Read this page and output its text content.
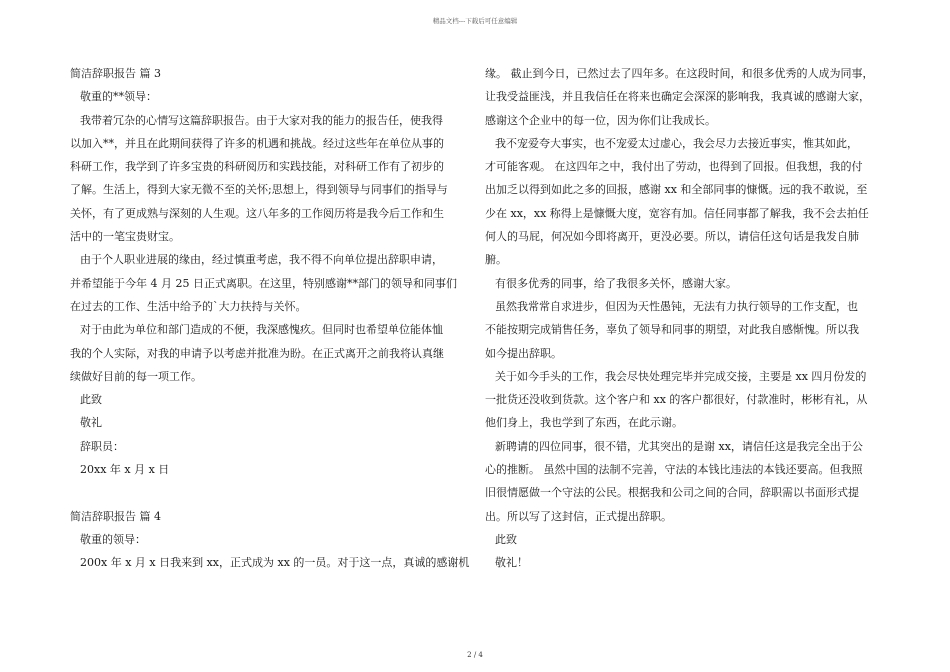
精品文档---下载后可任意编辑
简洁辞职报告 篇 3
敬重的**领导：
我带着冗杂的心情写这篇辞职报告。由于大家对我的能力的报告任，使我得
以加入**，并且在此期间获得了许多的机遇和挑战。经过这些年在单位从事的
科研工作，我学到了许多宝贵的科研阅历和实践技能，对科研工作有了初步的
了解。生活上，得到大家无微不至的关怀;思想上，得到领导与同事们的指导与
关怀，有了更成熟与深刻的人生观。这八年多的工作阅历将是我今后工作和生
活中的一笔宝贵财宝。
由于个人职业进展的缘由，经过慎重考虑，我不得不向单位提出辞职申请，
并希望能于今年 4 月 25 日正式离职。在这里，特别感谢**部门的领导和同事们
在过去的工作、生活中给予的`大力扶持与关怀。
对于由此为单位和部门造成的不便，我深感愧疚。但同时也希望单位能体恤
我的个人实际，对我的申请予以考虑并批准为盼。在正式离开之前我将认真继
续做好目前的每一项工作。
此致
敬礼
辞职员：
20xx 年 x 月 x 日
简洁辞职报告 篇 4
敬重的领导：
200x 年 x 月 x 日我来到 xx，正式成为 xx 的一员。对于这一点，真诚的感谢机
缘。 截止到今日，已然过去了四年多。在这段时间，和很多优秀的人成为同事，
让我受益匪浅，并且我信任在将来也确定会深深的影响我，我真诚的感谢大家，
感谢这个企业中的每一位，因为你们让我成长。
我不宠爱夸大事实，也不宠爱太过虚心，我会尽力去接近事实，惟其如此，
才可能客观。 在这四年之中，我付出了劳动，也得到了回报。但我想，我的付
出加乏以得到如此之多的回报，感谢 xx 和全部同事的慷慨。远的我不敢说，至
少在 xx，xx 称得上是慷慨大度，宽容有加。信任同事都了解我，我不会去拍任
何人的马屁，何况如今即将离开，更没必要。所以，请信任这句话是我发自肺
腑。
有很多优秀的同事，给了我很多关怀，感谢大家。
虽然我常常自求进步，但因为天性愚钝，无法有力执行领导的工作支配，也
不能按期完成销售任务，辜负了领导和同事的期望，对此我自感惭愧。所以我
如今提出辞职。
关于如今手头的工作，我会尽快处理完毕并完成交接，主要是 xx 四月份发的
一批货还没收到货款。这个客户和 xx 的客户都很好，付款准时，彬彬有礼，从
他们身上，我也学到了东西，在此示谢。
新聘请的四位同事，很不错，尤其突出的是谢 xx，请信任这是我完全出于公
心的推断。 虽然中国的法制不完善，守法的本钱比违法的本钱还要高。但我照
旧很情愿做一个守法的公民。根据我和公司之间的合同，辞职需以书面形式提
出。所以写了这封信，正式提出辞职。
此致
敬礼！
2 / 4
